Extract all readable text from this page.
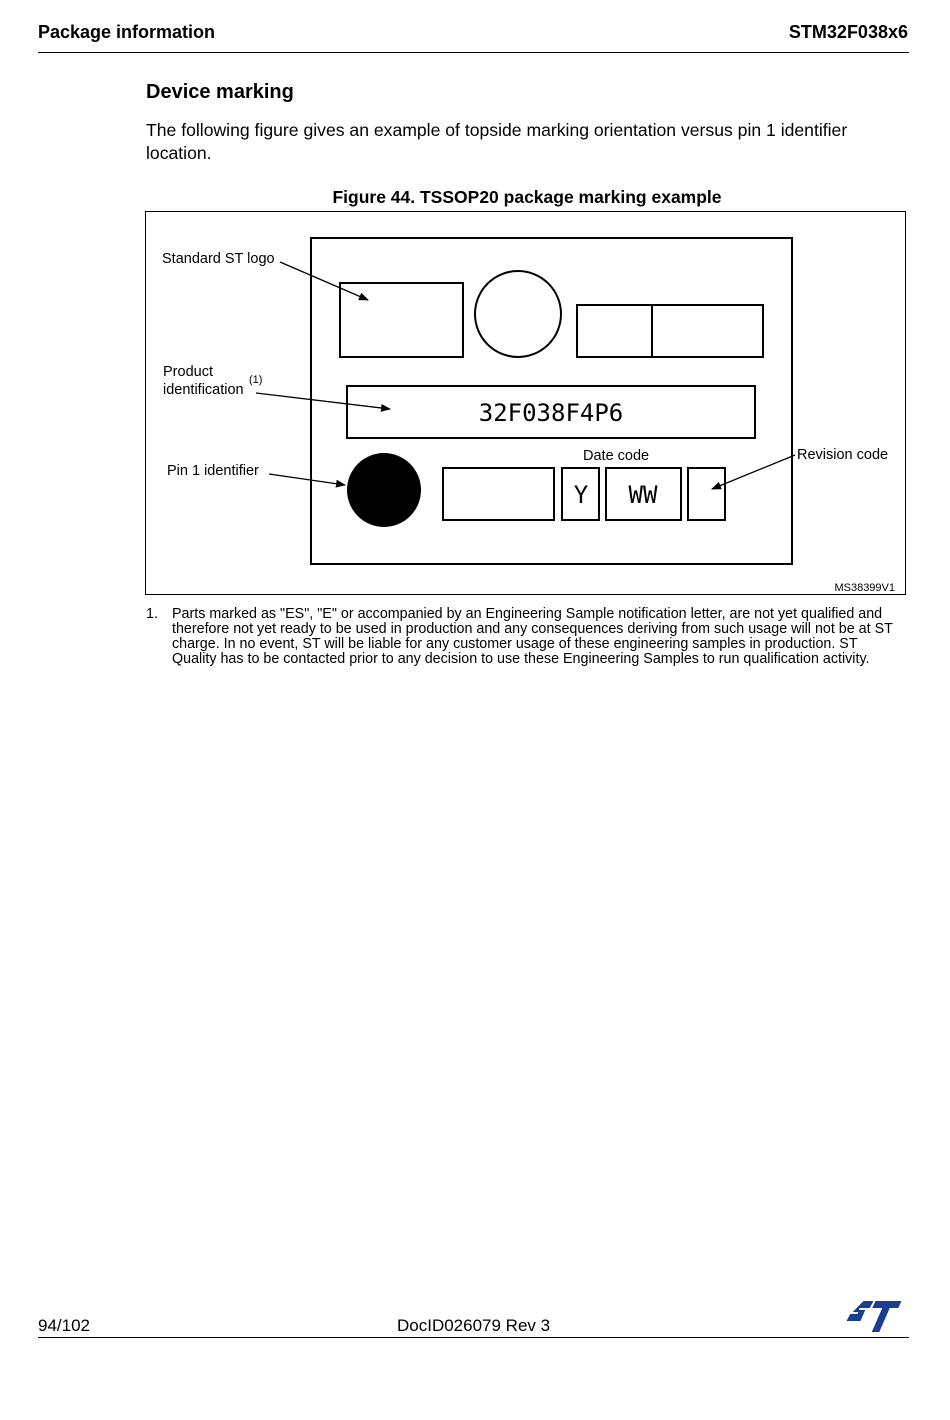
Package information	STM32F038x6
Device marking
The following figure gives an example of topside marking orientation versus pin 1 identifier location.
Figure 44. TSSOP20 package marking example
32F038F4P6
Y WW
Standard ST logo
Product
identification
(1)
Pin 1 identifier
Date code	Revision code
MS38399V1
1. Parts marked as "ES", "E" or accompanied by an Engineering Sample notification letter, are not yet qualified and therefore not yet ready to be used in production and any consequences deriving from such usage will not be at ST charge. In no event, ST will be liable for any customer usage of these engineering samples in production. ST Quality has to be contacted prior to any decision to use these Engineering Samples to run qualification activity.
94/102	DocID026079 Rev 3
